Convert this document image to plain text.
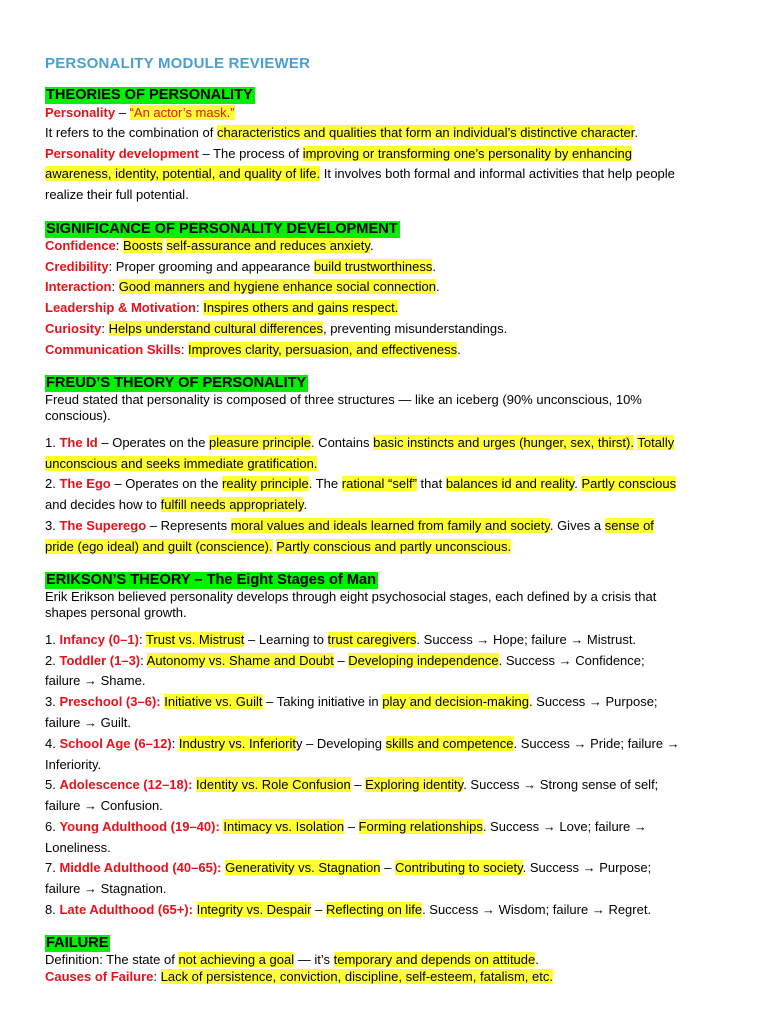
PERSONALITY MODULE REVIEWER
THEORIES OF PERSONALITY
Personality – “An actor’s mask.”
It refers to the combination of characteristics and qualities that form an individual’s distinctive character.
Personality development – The process of improving or transforming one’s personality by enhancing
awareness, identity, potential, and quality of life. It involves both formal and informal activities that help people
realize their full potential.
SIGNIFICANCE OF PERSONALITY DEVELOPMENT
Confidence: Boosts self-assurance and reduces anxiety.
Credibility: Proper grooming and appearance build trustworthiness.
Interaction: Good manners and hygiene enhance social connection.
Leadership & Motivation: Inspires others and gains respect.
Curiosity: Helps understand cultural differences, preventing misunderstandings.
Communication Skills: Improves clarity, persuasion, and effectiveness.
FREUD’S THEORY OF PERSONALITY
Freud stated that personality is composed of three structures — like an iceberg (90% unconscious, 10%
conscious).
1. The Id – Operates on the pleasure principle. Contains basic instincts and urges (hunger, sex, thirst). Totally
unconscious and seeks immediate gratification.
2. The Ego – Operates on the reality principle. The rational “self” that balances id and reality. Partly conscious
and decides how to fulfill needs appropriately.
3. The Superego – Represents moral values and ideals learned from family and society. Gives a sense of
pride (ego ideal) and guilt (conscience). Partly conscious and partly unconscious.
ERIKSON’S THEORY – The Eight Stages of Man
Erik Erikson believed personality develops through eight psychosocial stages, each defined by a crisis that
shapes personal growth.
1. Infancy (0–1): Trust vs. Mistrust – Learning to trust caregivers. Success → Hope; failure → Mistrust.
2. Toddler (1–3): Autonomy vs. Shame and Doubt – Developing independence. Success → Confidence;
failure → Shame.
3. Preschool (3–6): Initiative vs. Guilt – Taking initiative in play and decision-making. Success → Purpose;
failure → Guilt.
4. School Age (6–12): Industry vs. Inferiority – Developing skills and competence. Success → Pride; failure →
Inferiority.
5. Adolescence (12–18): Identity vs. Role Confusion – Exploring identity. Success → Strong sense of self;
failure → Confusion.
6. Young Adulthood (19–40): Intimacy vs. Isolation – Forming relationships. Success → Love; failure →
Loneliness.
7. Middle Adulthood (40–65): Generativity vs. Stagnation – Contributing to society. Success → Purpose;
failure → Stagnation.
8. Late Adulthood (65+): Integrity vs. Despair – Reflecting on life. Success → Wisdom; failure → Regret.
FAILURE
Definition: The state of not achieving a goal — it’s temporary and depends on attitude.
Causes of Failure: Lack of persistence, conviction, discipline, self-esteem, fatalism, etc.
